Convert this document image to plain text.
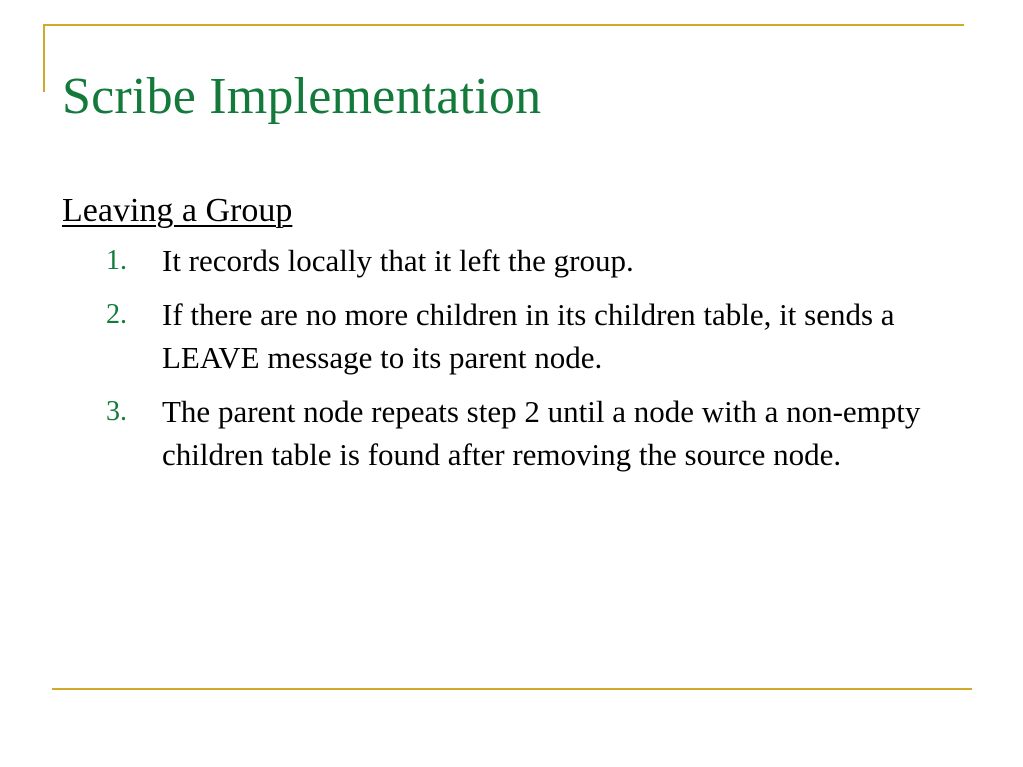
Scribe Implementation
Leaving a Group
1. It records locally that it left the group.
2. If there are no more children in its children table, it sends a LEAVE message to its parent node.
3. The parent node repeats step 2 until a node with a non-empty children table is found after removing the source node.
